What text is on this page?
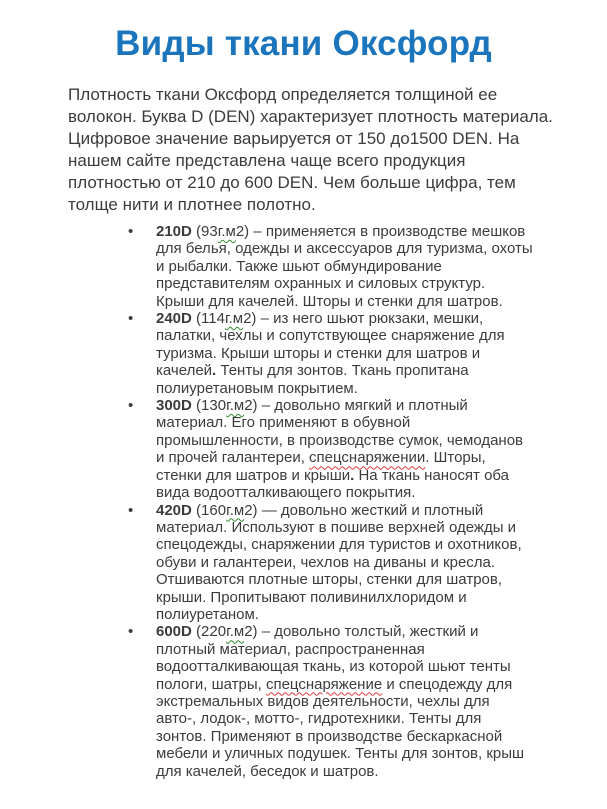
Виды ткани Оксфорд

Плотность ткани Оксфорд определяется толщиной ее волокон. Буква D (DEN) характеризует плотность материала. Цифровое значение варьируется от 150 до1500 DEN. На нашем сайте представлена чаще всего продукция плотностью от 210 до 600 DEN. Чем больше цифра, тем толще нити и плотнее полотно.

• 210D (93г.м2) – применяется в производстве мешков для белья, одежды и аксессуаров для туризма, охоты и рыбалки. Также шьют обмундирование представителям охранных и силовых структур. Крыши для качелей. Шторы и стенки для шатров.
• 240D (114г.м2) – из него шьют рюкзаки, мешки, палатки, чехлы и сопутствующее снаряжение для туризма. Крыши шторы и стенки для шатров и качелей. Тенты для зонтов. Ткань пропитана полиуретановым покрытием.
• 300D (130г.м2) – довольно мягкий и плотный материал. Его применяют в обувной промышленности, в производстве сумок, чемоданов и прочей галантереи, спецснаряжении. Шторы, стенки для шатров и крыши. На ткань наносят оба вида водоотталкивающего покрытия.
• 420D (160г.м2) — довольно жесткий и плотный материал. Используют в пошиве верхней одежды и спецодежды, снаряжении для туристов и охотников, обуви и галантереи, чехлов на диваны и кресла. Отшиваются плотные шторы, стенки для шатров, крыши. Пропитывают поливинилхлоридом и полиуретаном.
• 600D (220г.м2) – довольно толстый, жесткий и плотный материал, распространенная водоотталкивающая ткань, из которой шьют тенты пологи, шатры, спецснаряжение и спецодежду для экстремальных видов деятельности, чехлы для авто-, лодок-, мотто-, гидротехники. Тенты для зонтов. Применяют в производстве бескаркасной мебели и уличных подушек. Тенты для зонтов, крыш для качелей, беседок и шатров.
